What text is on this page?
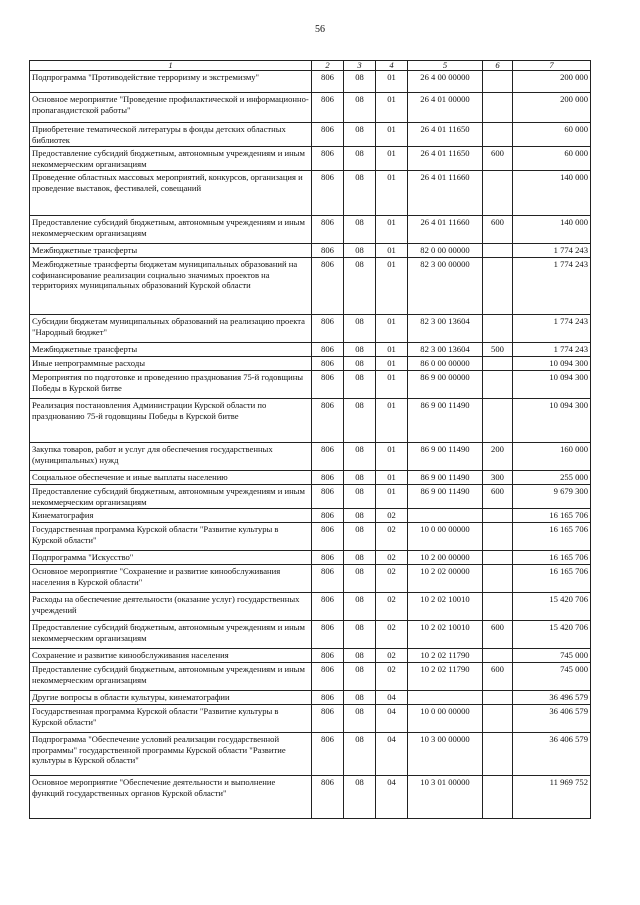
56
1	2	3	4	5	6	7
Подпрограмма "Противодействие терроризму и экстремизму"	806	08	01	26 4 00 00000		200 000
Основное мероприятие "Проведение профилактической и информационно-пропагандистской работы"	806	08	01	26 4 01 00000		200 000
Приобретение тематической литературы в фонды детских областных библиотек	806	08	01	26 4 01 11650		60 000
Предоставление субсидий бюджетным, автономным учреждениям и иным некоммерческим организациям	806	08	01	26 4 01 11650	600	60 000
Проведение областных массовых мероприятий, конкурсов, организация и проведение выставок, фестивалей, совещаний	806	08	01	26 4 01 11660		140 000
Предоставление субсидий бюджетным, автономным учреждениям и иным некоммерческим организациям	806	08	01	26 4 01 11660	600	140 000
Межбюджетные трансферты	806	08	01	82 0 00 00000		1 774 243
Межбюджетные трансферты бюджетам муниципальных образований на софинансирование реализации социально значимых проектов на территориях муниципальных образований Курской области	806	08	01	82 3 00 00000		1 774 243
Субсидии бюджетам муниципальных образований на реализацию проекта "Народный бюджет"	806	08	01	82 3 00 13604		1 774 243
Межбюджетные трансферты	806	08	01	82 3 00 13604	500	1 774 243
Иные непрограммные расходы	806	08	01	86 0 00 00000		10 094 300
Мероприятия по подготовке и проведению празднования 75-й годовщины Победы в Курской битве	806	08	01	86 9 00 00000		10 094 300
Реализация постановления Администрации Курской области по празднованию 75-й годовщины Победы в Курской битве	806	08	01	86 9 00 11490		10 094 300
Закупка товаров, работ и услуг для обеспечения государственных (муниципальных) нужд	806	08	01	86 9 00 11490	200	160 000
Социальное обеспечение и иные выплаты населению	806	08	01	86 9 00 11490	300	255 000
Предоставление субсидий бюджетным, автономным учреждениям и иным некоммерческим организациям	806	08	01	86 9 00 11490	600	9 679 300
Кинематография	806	08	02			16 165 706
Государственная программа Курской области "Развитие культуры в Курской области"	806	08	02	10 0 00 00000		16 165 706
Подпрограмма "Искусство"	806	08	02	10 2 00 00000		16 165 706
Основное мероприятие "Сохранение и развитие кинообслуживания населения в Курской области"	806	08	02	10 2 02 00000		16 165 706
Расходы на обеспечение деятельности (оказание услуг) государственных учреждений	806	08	02	10 2 02 10010		15 420 706
Предоставление субсидий бюджетным, автономным учреждениям и иным некоммерческим организациям	806	08	02	10 2 02 10010	600	15 420 706
Сохранение и развитие кинообслуживания населения	806	08	02	10 2 02 11790		745 000
Предоставление субсидий бюджетным, автономным учреждениям и иным некоммерческим организациям	806	08	02	10 2 02 11790	600	745 000
Другие вопросы в области культуры, кинематографии	806	08	04			36 496 579
Государственная программа Курской области "Развитие культуры в Курской области"	806	08	04	10 0 00 00000		36 406 579
Подпрограмма "Обеспечение условий реализации государственной программы" государственной программы Курской области "Развитие культуры в Курской области"	806	08	04	10 3 00 00000		36 406 579
Основное мероприятие "Обеспечение деятельности и выполнение функций государственных органов Курской области"	806	08	04	10 3 01 00000		11 969 752
